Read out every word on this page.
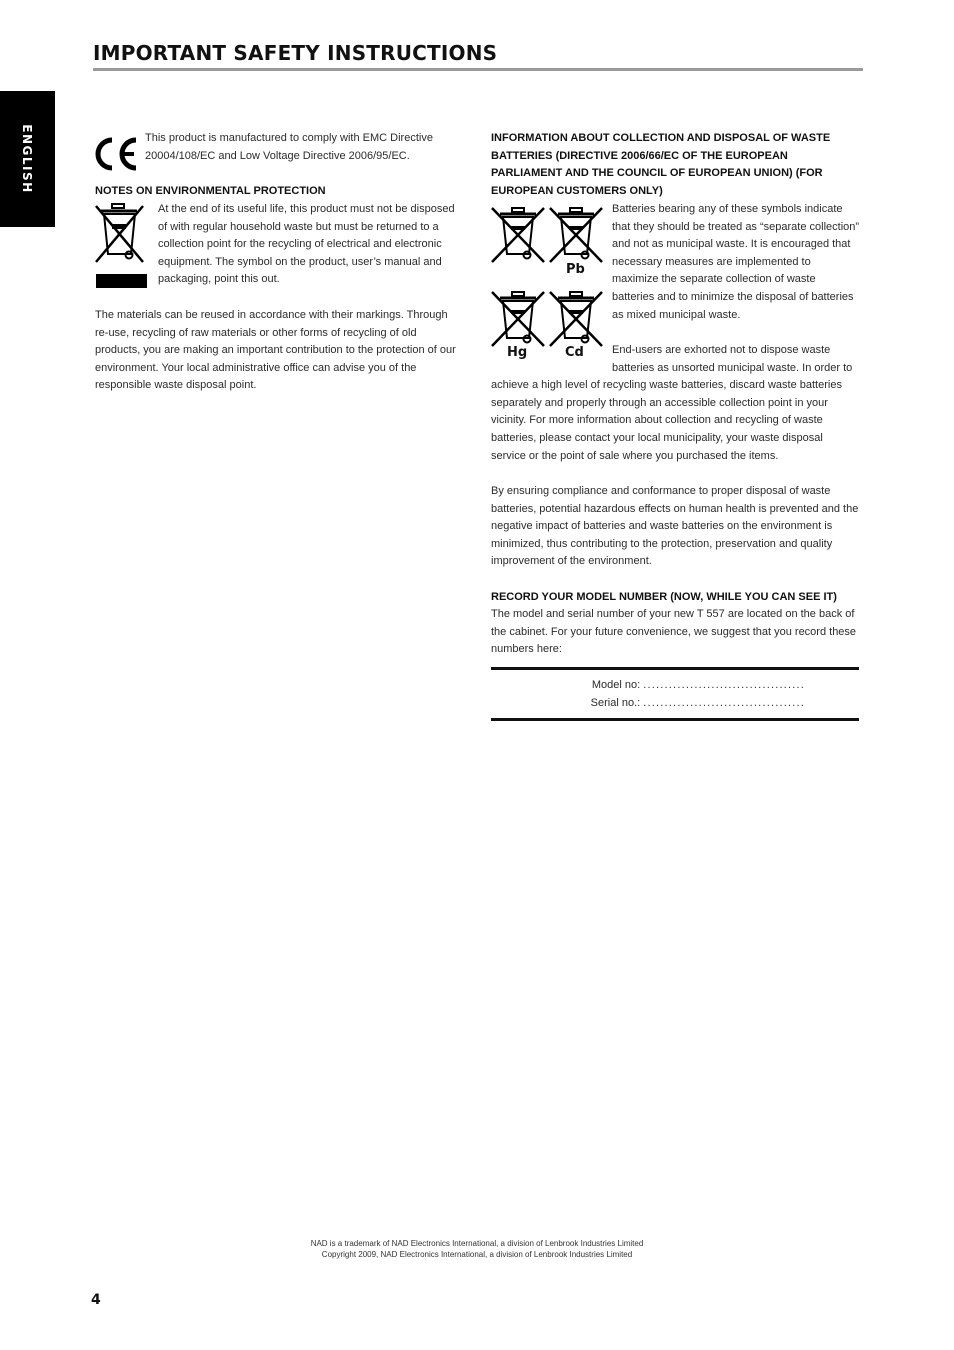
IMPORTANT SAFETY INSTRUCTIONS
ENGLISH	This product is manufactured to comply with EMC Directive 20004/108/EC and Low Voltage Directive 2006/95/EC.

NOTES ON ENVIRONMENTAL PROTECTION

At the end of its useful life, this product must not be disposed of with regular household waste but must be returned to a collection point for the recycling of electrical and electronic equipment. The symbol on the product, user’s manual and packaging, point this out.

The materials can be reused in accordance with their markings. Through re-use, recycling of raw materials or other forms of recycling of old products, you are making an important contribution to the protection of our environment. Your local administrative office can advise you of the responsible waste disposal point.

INFORMATION ABOUT COLLECTION AND DISPOSAL OF WASTE BATTERIES (DIRECTIVE 2006/66/EC OF THE EUROPEAN PARLIAMENT AND THE COUNCIL OF EUROPEAN UNION) (FOR EUROPEAN CUSTOMERS ONLY)

Pb
Hg	Cd

Batteries bearing any of these symbols indicate that they should be treated as “separate collection” and not as municipal waste. It is encouraged that necessary measures are implemented to maximize the separate collection of waste batteries and to minimize the disposal of batteries as mixed municipal waste.

End-users are exhorted not to dispose waste batteries as unsorted municipal waste. In order to achieve a high level of recycling waste batteries, discard waste batteries separately and properly through an accessible collection point in your vicinity. For more information about collection and recycling of waste batteries, please contact your local municipality, your waste disposal service or the point of sale where you purchased the items.

By ensuring compliance and conformance to proper disposal of waste batteries, potential hazardous effects on human health is prevented and the negative impact of batteries and waste batteries on the environment is minimized, thus contributing to the protection, preservation and quality improvement of the environment.

RECORD YOUR MODEL NUMBER (NOW, WHILE YOU CAN SEE IT)

The model and serial number of your new T 557 are located on the back of the cabinet. For your future convenience, we suggest that you record these numbers here:

Model no: ......................................
Serial no.: ......................................
NAD is a trademark of NAD Electronics International, a division of Lenbrook Industries Limited
Copyright 2009, NAD Electronics International, a division of Lenbrook Industries Limited
4
